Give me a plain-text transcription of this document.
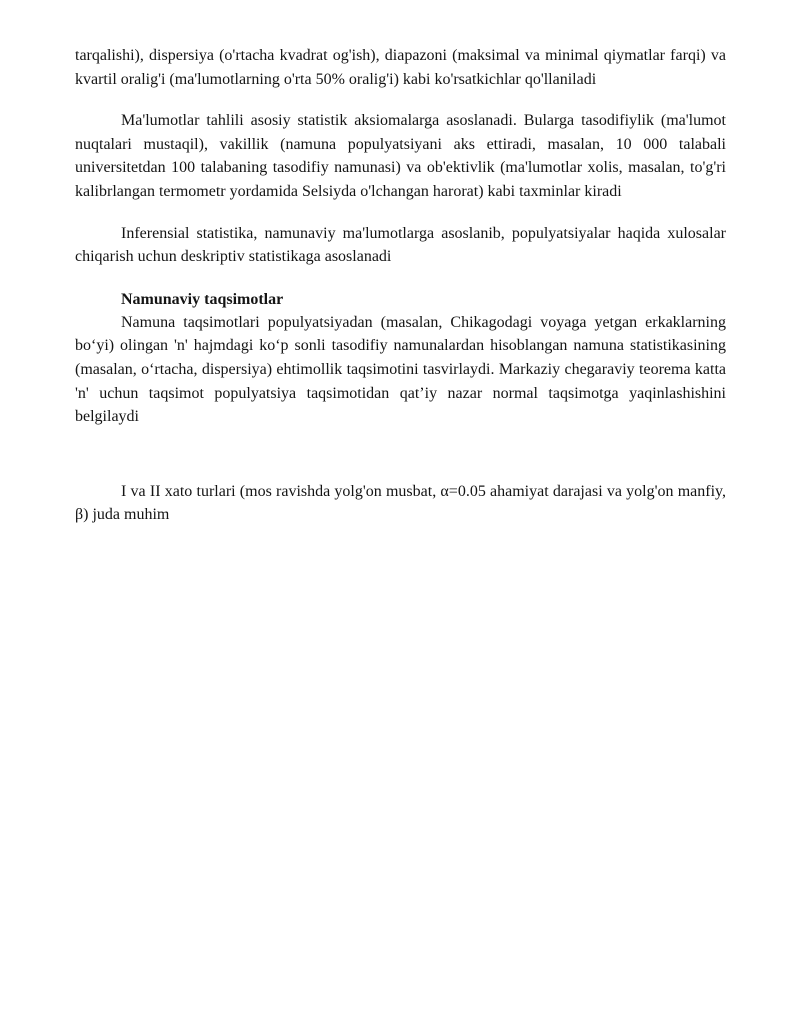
tarqalishi), dispersiya (o'rtacha kvadrat og'ish), diapazoni (maksimal va minimal qiymatlar farqi) va kvartil oralig'i (ma'lumotlarning o'rta 50% oralig'i) kabi ko'rsatkichlar qo'llaniladi

Ma'lumotlar tahlili asosiy statistik aksiomalarga asoslanadi. Bularga tasodifiylik (ma'lumot nuqtalari mustaqil), vakillik (namuna populyatsiyani aks ettiradi, masalan, 10 000 talabali universitetdan 100 talabaning tasodifiy namunasi) va ob'ektivlik (ma'lumotlar xolis, masalan, to'g'ri kalibrlangan termometr yordamida Selsiyda o'lchangan harorat) kabi taxminlar kiradi

Inferensial statistika, namunaviy ma'lumotlarga asoslanib, populyatsiyalar haqida xulosalar chiqarish uchun deskriptiv statistikaga asoslanadi

Namunaviy taqsimotlar

Namuna taqsimotlari populyatsiyadan (masalan, Chikagodagi voyaga yetgan erkaklarning bo‘yi) olingan 'n' hajmdagi ko‘p sonli tasodifiy namunalardan hisoblangan namuna statistikasining (masalan, o‘rtacha, dispersiya) ehtimollik taqsimotini tasvirlaydi. Markaziy chegaraviy teorema katta 'n' uchun taqsimot populyatsiya taqsimotidan qat’iy nazar normal taqsimotga yaqinlashishini belgilaydi

I va II xato turlari (mos ravishda yolg'on musbat, α=0.05 ahamiyat darajasi va yolg'on manfiy, β) juda muhim
